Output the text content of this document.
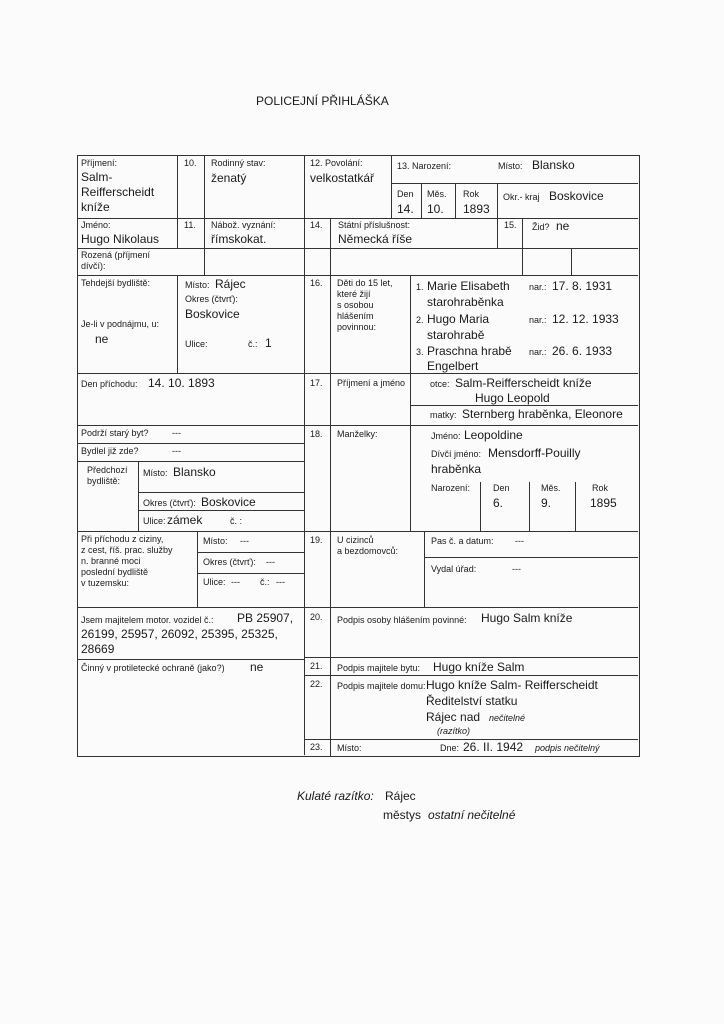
POLICEJNÍ PŘIHLÁŠKA
Příjmení:
Salm-
Reifferscheidt
kníže
10. Rodinný stav:
ženatý
12. Povolání:
velkostatkář
13. Narození:	Místo: Blansko
Den Měs. Rok
14. 10. 1893
Okr.- kraj Boskovice
Jméno:
Hugo Nikolaus
11. Nábož. vyznání:
římskokat.
14. Státní příslušnost:
Německá říše
15. Žid? ne
Rozená (příjmení
dívčí):
Tehdejší bydliště:	Místo: Rájec
Okres (čtvrť):
Boskovice
Ulice:	č.: 1
Je-li v podnájmu, u:
ne
16. Děti do 15 let,
které žijí
s osobou
hlášením
povinnou:
1. Marie Elisabeth
starohraběnka
nar.: 17. 8. 1931
2. Hugo Maria
starohrabě
nar.: 12. 12. 1933
3. Praschna hrabě
Engelbert
nar.: 26. 6. 1933
Den příchodu: 14. 10. 1893	17. Příjmení a jméno	otce: Salm-Reifferscheidt kníže
Hugo Leopold
matky: Sternberg hraběnka, Eleonore
Podrží starý byt?	---
Bydlel již zde?	---
18. Manželky:	Jméno: Leopoldine
Dívčí jméno: Mensdorff-Pouilly
hraběnka
Narození:	Den	Měs.	Rok
6.	9.	1895
Předchozí
bydliště:
Místo: Blansko
Okres (čtvrť): Boskovice
Ulice: zámek	č. :
Při příchodu z ciziny,
z cest, říš. prac. služby
n. branné moci
poslední bydliště
v tuzemsku:
Místo: ---
Okres (čtvrť): ---
Ulice: --- č.: ---
19. U cizinců
a bezdomovců:
Pas č. a datum: ---
Vydal úřad:	---
Jsem majitelem motor. vozidel č.: PB 25907,
26199, 25957, 26092, 25395, 25325,
28669
20. Podpis osoby hlášením povinné: Hugo Salm kníže
Činný v protiletecké ochraně (jako?) ne	21. Podpis majitele bytu: Hugo kníže Salm
22. Podpis majitele domu: Hugo kníže Salm- Reifferscheidt
Ředitelství statku
Rájec nad nečitelné
(razítko)
23. Místo:	Dne: 26. II. 1942 podpis nečitelný
Kulaté razítko: Rájec
městys ostatní nečitelné
